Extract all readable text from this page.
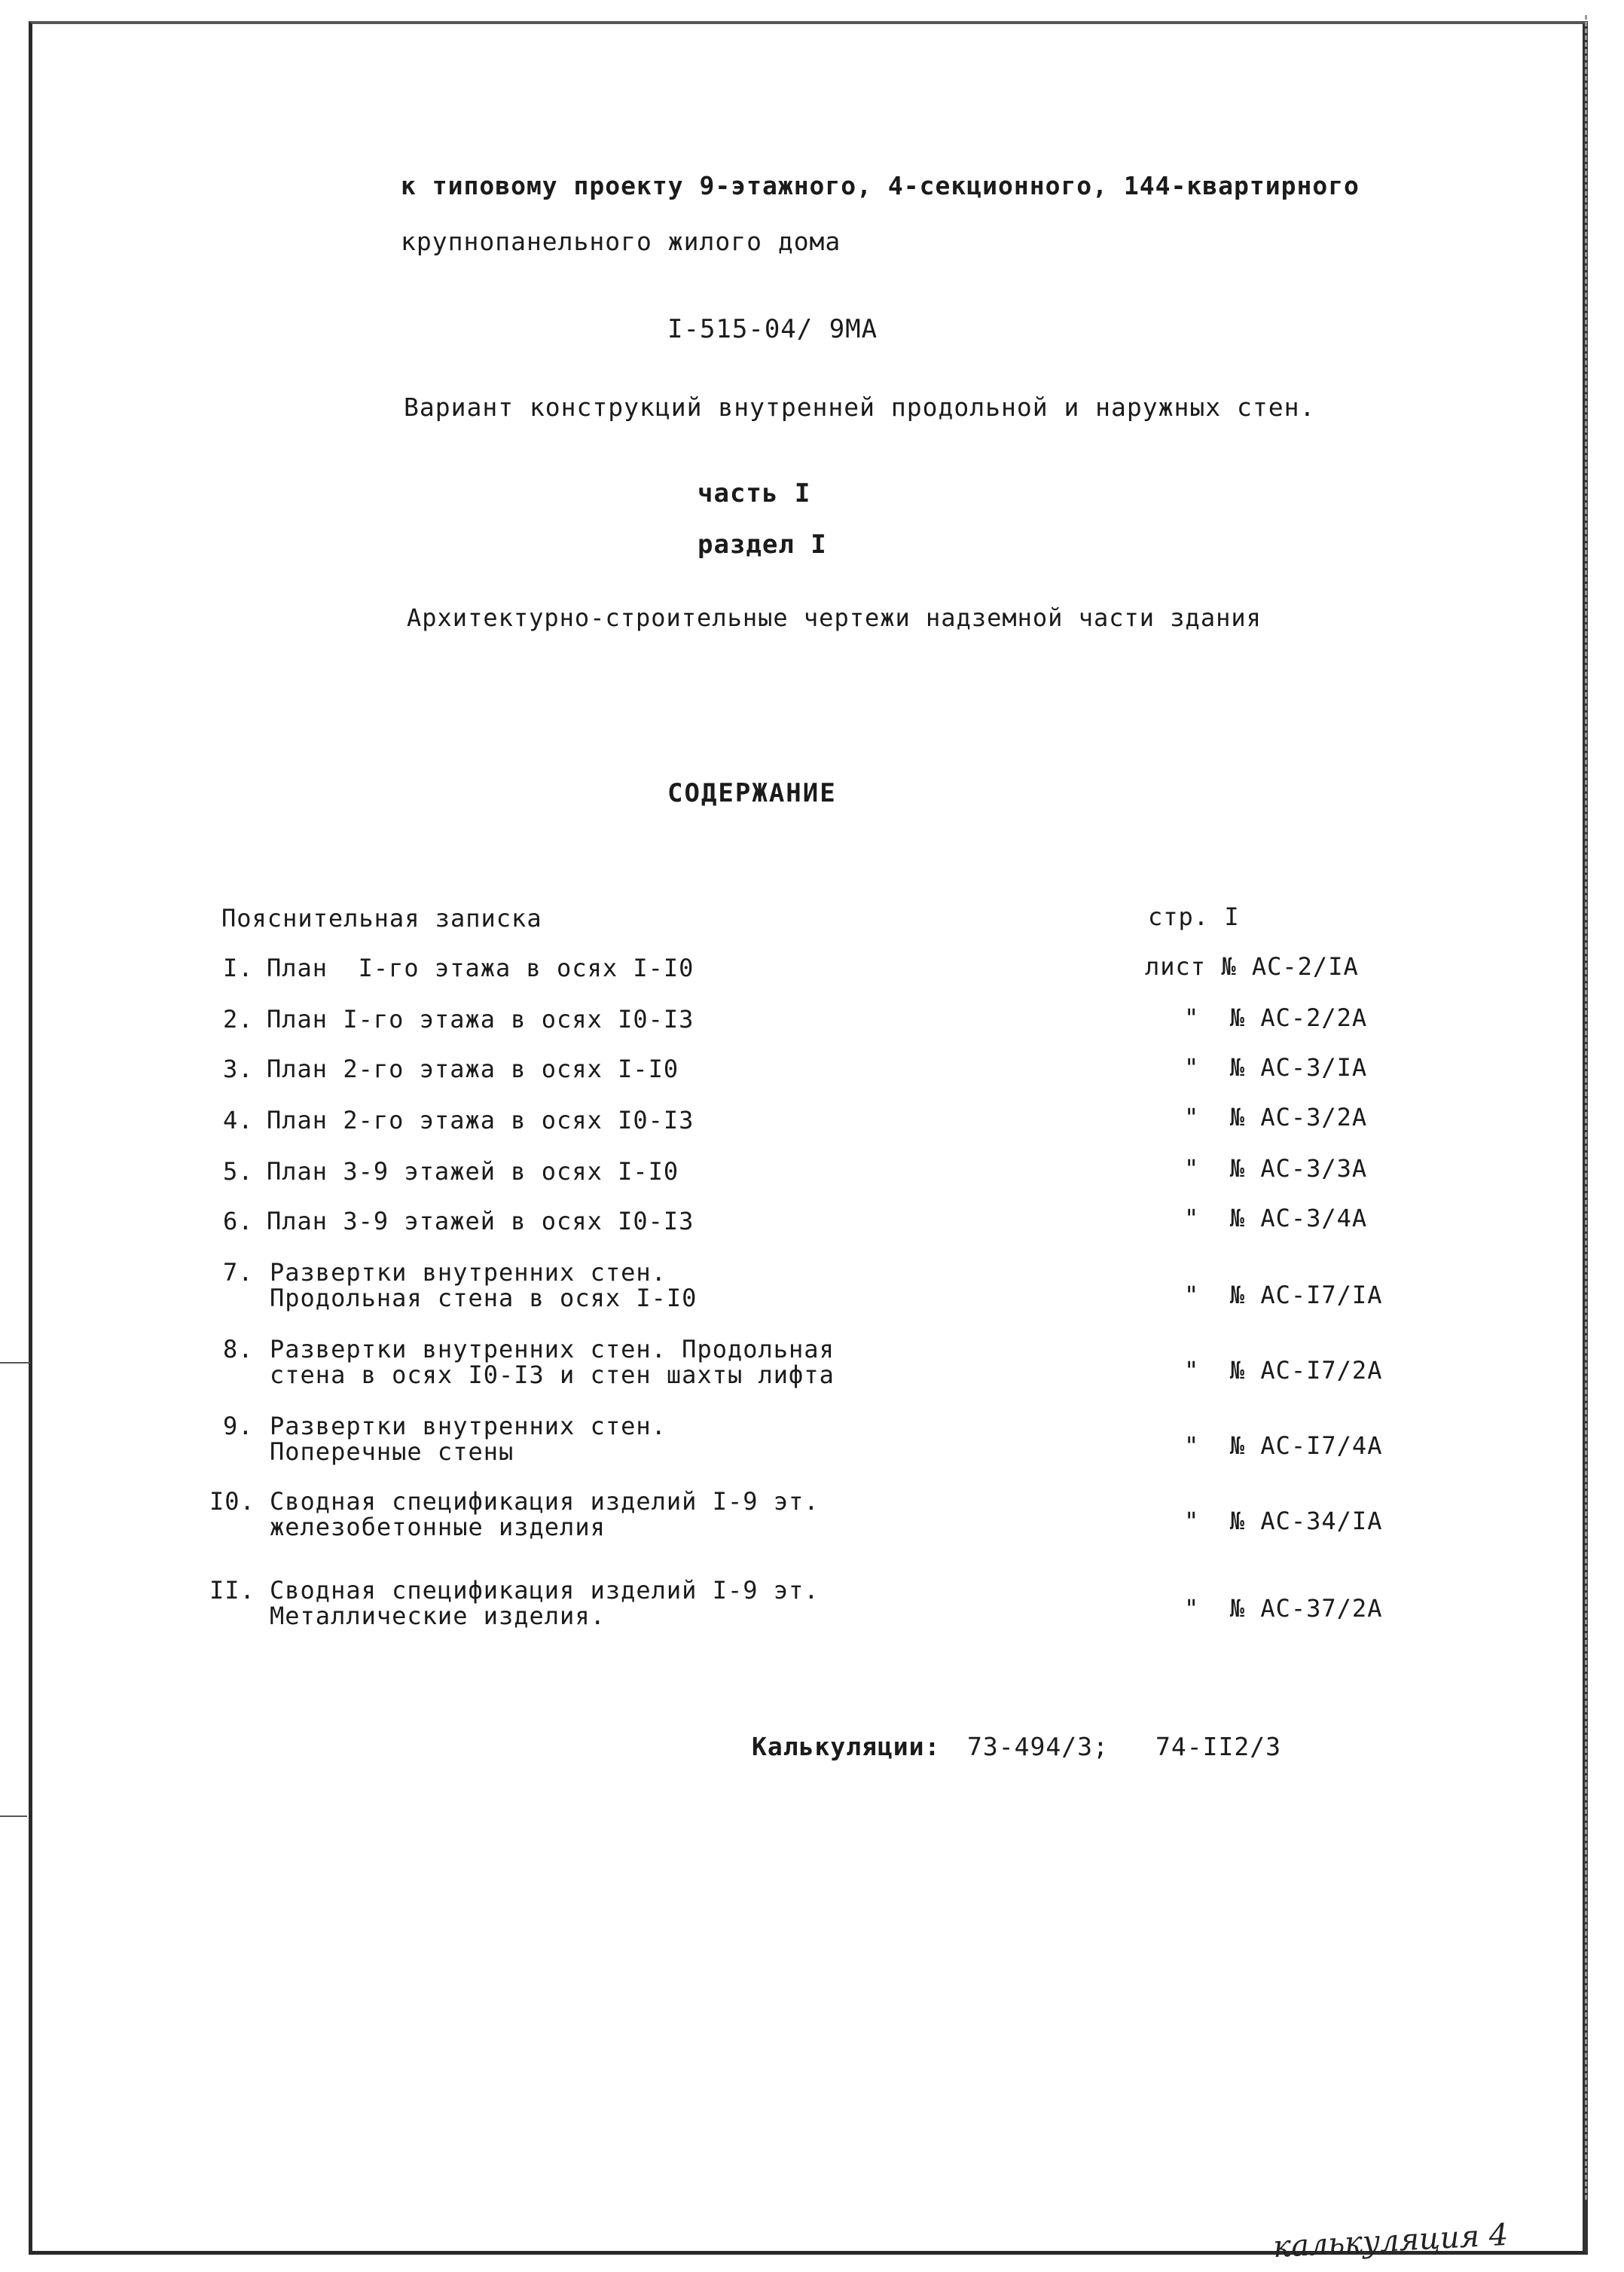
к типовому проекту 9-этажного, 4-секционного, 144-квартирного
крупнопанельного жилого дома
I-515-04/ 9МА
Вариант конструкций внутренней продольной и наружных стен.
часть I
раздел I
Архитектурно-строительные чертежи надземной части здания
СОДЕРЖАНИЕ
Пояснительная записка	стр. I
I. План  I-го этажа в осях I-I0	лист № АС-2/IА
2. План I-го этажа в осях I0-I3	"  № АС-2/2А
3. План 2-го этажа в осях I-I0	"  № АС-3/IА
4. План 2-го этажа в осях I0-I3	"  № АС-3/2А
5. План 3-9 этажей в осях I-I0	"  № АС-3/3А
6. План 3-9 этажей в осях I0-I3	"  № АС-3/4А
7. Развертки внутренних стен.
Продольная стена в осях I-I0	"  № АС-I7/IА
8. Развертки внутренних стен. Продольная
стена в осях I0-I3 и стен шахты лифта	"  № АС-I7/2А
9. Развертки внутренних стен.
Поперечные стены	"  № АС-I7/4А
I0. Сводная спецификация изделий I-9 эт.
железобетонные изделия	"  № АС-34/IА
II. Сводная спецификация изделий I-9 эт.
Металлические изделия.	"  № АС-37/2А
Калькуляции: 73-494/3; 74-II2/3
калькуляция 4
